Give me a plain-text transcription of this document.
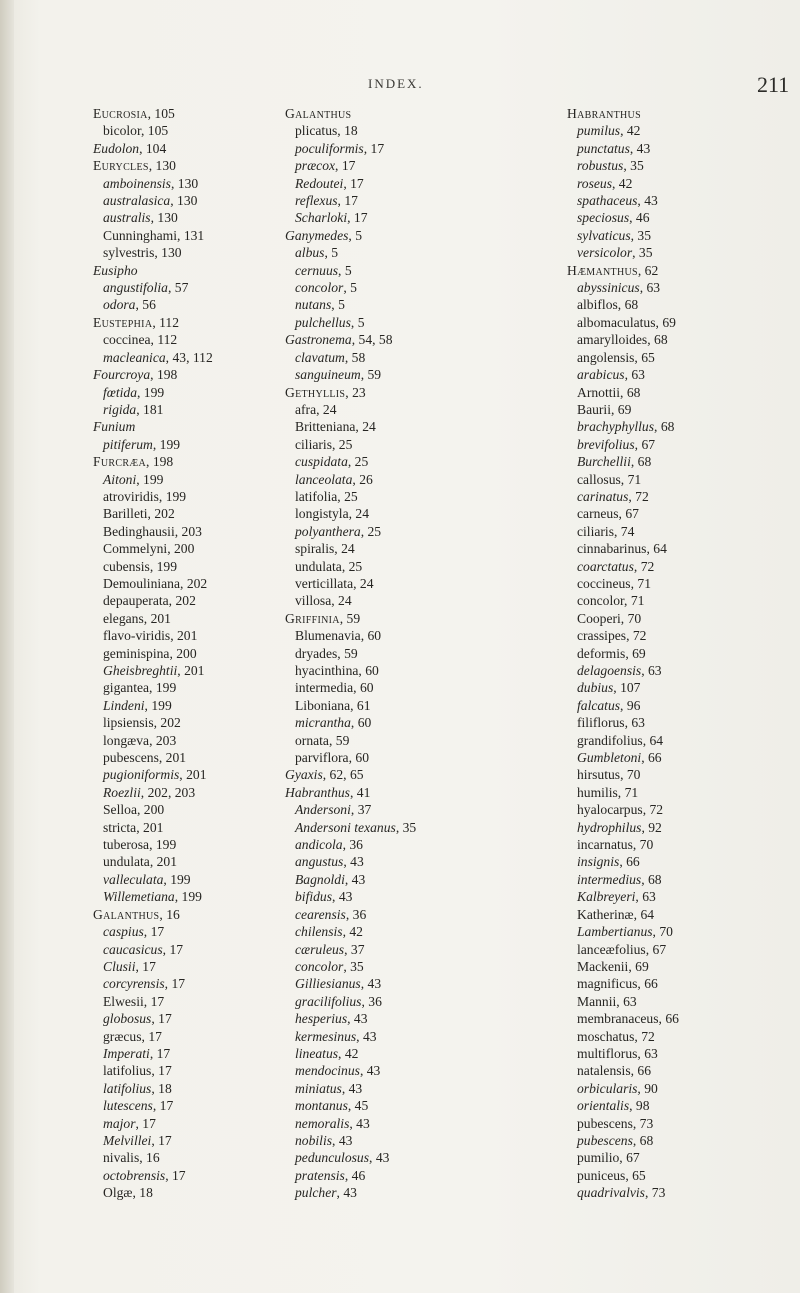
INDEX.	211
Eucrosia, 105
bicolor, 105
Eudolon, 104
Eurycles, 130
amboinensis, 130
australasica, 130
australis, 130
Cunninghami, 131
sylvestris, 130
Eusipho
angustifolia, 57
odora, 56
Eustephia, 112
coccinea, 112
macleanica, 43, 112
Fourcroya, 198
fœtida, 199
rigida, 181
Funium
pitiferum, 199
Furcræa, 198
Aitoni, 199
atroviridis, 199
Barilleti, 202
Bedinghausii, 203
Commelyni, 200
cubensis, 199
Demouliniana, 202
depauperata, 202
elegans, 201
flavo-viridis, 201
geminispina, 200
Gheisbreghtii, 201
gigantea, 199
Lindeni, 199
lipsiensis, 202
longæva, 203
pubescens, 201
pugioniformis, 201
Roezlii, 202, 203
Selloa, 200
stricta, 201
tuberosa, 199
undulata, 201
valleculata, 199
Willemetiana, 199
Galanthus, 16
caspius, 17
caucasicus, 17
Clusii, 17
corcyrensis, 17
Elwesii, 17
globosus, 17
græcus, 17
Imperati, 17
latifolius, 17
latifolius, 18
lutescens, 17
major, 17
Melvillei, 17
nivalis, 16
octobrensis, 17
Olgæ, 18
Galanthus
plicatus, 18
poculiformis, 17
præcox, 17
Redoutei, 17
reflexus, 17
Scharloki, 17
Ganymedes, 5
albus, 5
cernuus, 5
concolor, 5
nutans, 5
pulchellus, 5
Gastronema, 54, 58
clavatum, 58
sanguineum, 59
Gethyllis, 23
afra, 24
Britteniana, 24
ciliaris, 25
cuspidata, 25
lanceolata, 26
latifolia, 25
longistyla, 24
polyanthera, 25
spiralis, 24
undulata, 25
verticillata, 24
villosa, 24
Griffinia, 59
Blumenavia, 60
dryades, 59
hyacinthina, 60
intermedia, 60
Liboniana, 61
micrantha, 60
ornata, 59
parviflora, 60
Gyaxis, 62, 65
Habranthus, 41
Andersoni, 37
Andersoni texanus, 35
andicola, 36
angustus, 43
Bagnoldi, 43
bifidus, 43
cearensis, 36
chilensis, 42
cæruleus, 37
concolor, 35
Gilliesianus, 43
gracilifolius, 36
hesperius, 43
kermesinus, 43
lineatus, 42
mendocinus, 43
miniatus, 43
montanus, 45
nemoralis, 43
nobilis, 43
pedunculosus, 43
pratensis, 46
pulcher, 43
Habranthus
pumilus, 42
punctatus, 43
robustus, 35
roseus, 42
spathaceus, 43
speciosus, 46
sylvaticus, 35
versicolor, 35
Hæmanthus, 62
abyssinicus, 63
albiflos, 68
albomaculatus, 69
amarylloides, 68
angolensis, 65
arabicus, 63
Arnottii, 68
Baurii, 69
brachyphyllus, 68
brevifolius, 67
Burchellii, 68
callosus, 71
carinatus, 72
carneus, 67
ciliaris, 74
cinnabarinus, 64
coarctatus, 72
coccineus, 71
concolor, 71
Cooperi, 70
crassipes, 72
deformis, 69
delagoensis, 63
dubius, 107
falcatus, 96
filiflorus, 63
grandifolius, 64
Gumbletoni, 66
hirsutus, 70
humilis, 71
hyalocarpus, 72
hydrophilus, 92
incarnatus, 70
insignis, 66
intermedius, 68
Kalbreyeri, 63
Katherinæ, 64
Lambertianus, 70
lanceæfolius, 67
Mackenii, 69
magnificus, 66
Mannii, 63
membranaceus, 66
moschatus, 72
multiflorus, 63
natalensis, 66
orbicularis, 90
orientalis, 98
pubescens, 73
pubescens, 68
pumilio, 67
puniceus, 65
quadrivalvis, 73
